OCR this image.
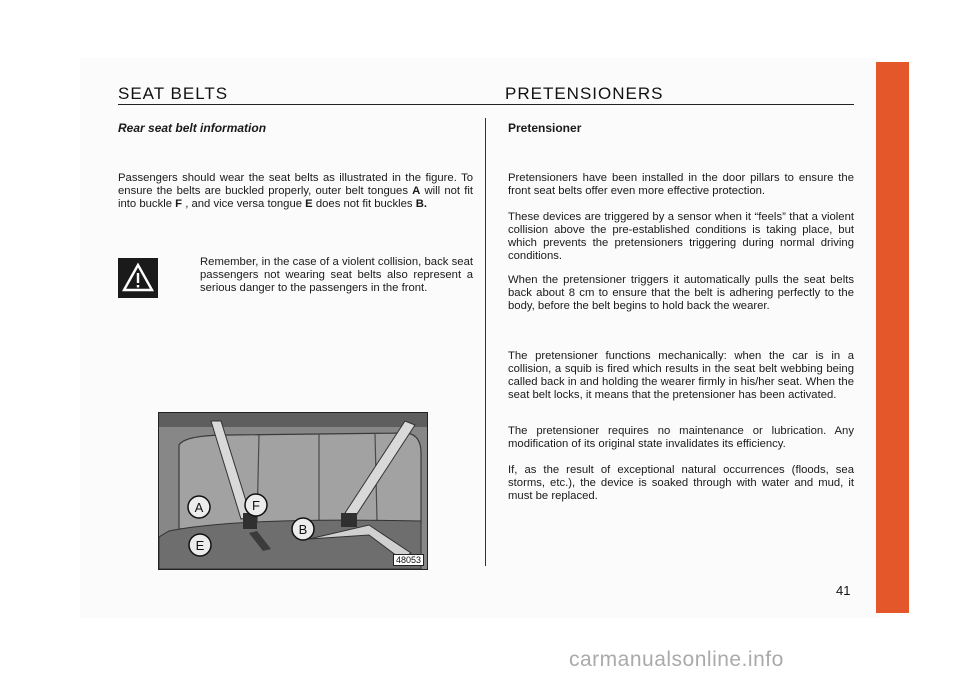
SEAT BELTS	PRETENSIONERS
Rear seat belt information

Passengers should wear the seat belts as illustrated in the figure. To ensure the belts are buckled properly, outer belt tongues A will not fit into buckle F , and vice versa tongue E does not fit buckles B.

Remember, in the case of a violent collision, back seat passengers not wearing seat belts also represent a serious danger to the passengers in the front.

A	F
B
E
48053
Pretensioner

Pretensioners have been installed in the door pillars to ensure the front seat belts offer even more effective protection.

These devices are triggered by a sensor when it “feels” that a violent collision above the pre-established conditions is taking place, but which prevents the pretensioners triggering during normal driving conditions.

When the pretensioner triggers it automatically pulls the seat belts back about 8 cm to ensure that the belt is adhering perfectly to the body, before the belt begins to hold back the wearer.

The pretensioner functions mechanically: when the car is in a collision, a squib is fired which results in the seat belt webbing being called back in and holding the wearer firmly in his/her seat. When the seat belt locks, it means that the pretensioner has been activated.

The pretensioner requires no maintenance or lubrication. Any modification of its original state invalidates its efficiency.

If, as the result of exceptional natural occurrences (floods, sea storms, etc.), the device is soaked through with water and mud, it must be replaced.

41
carmanualsonline.info
